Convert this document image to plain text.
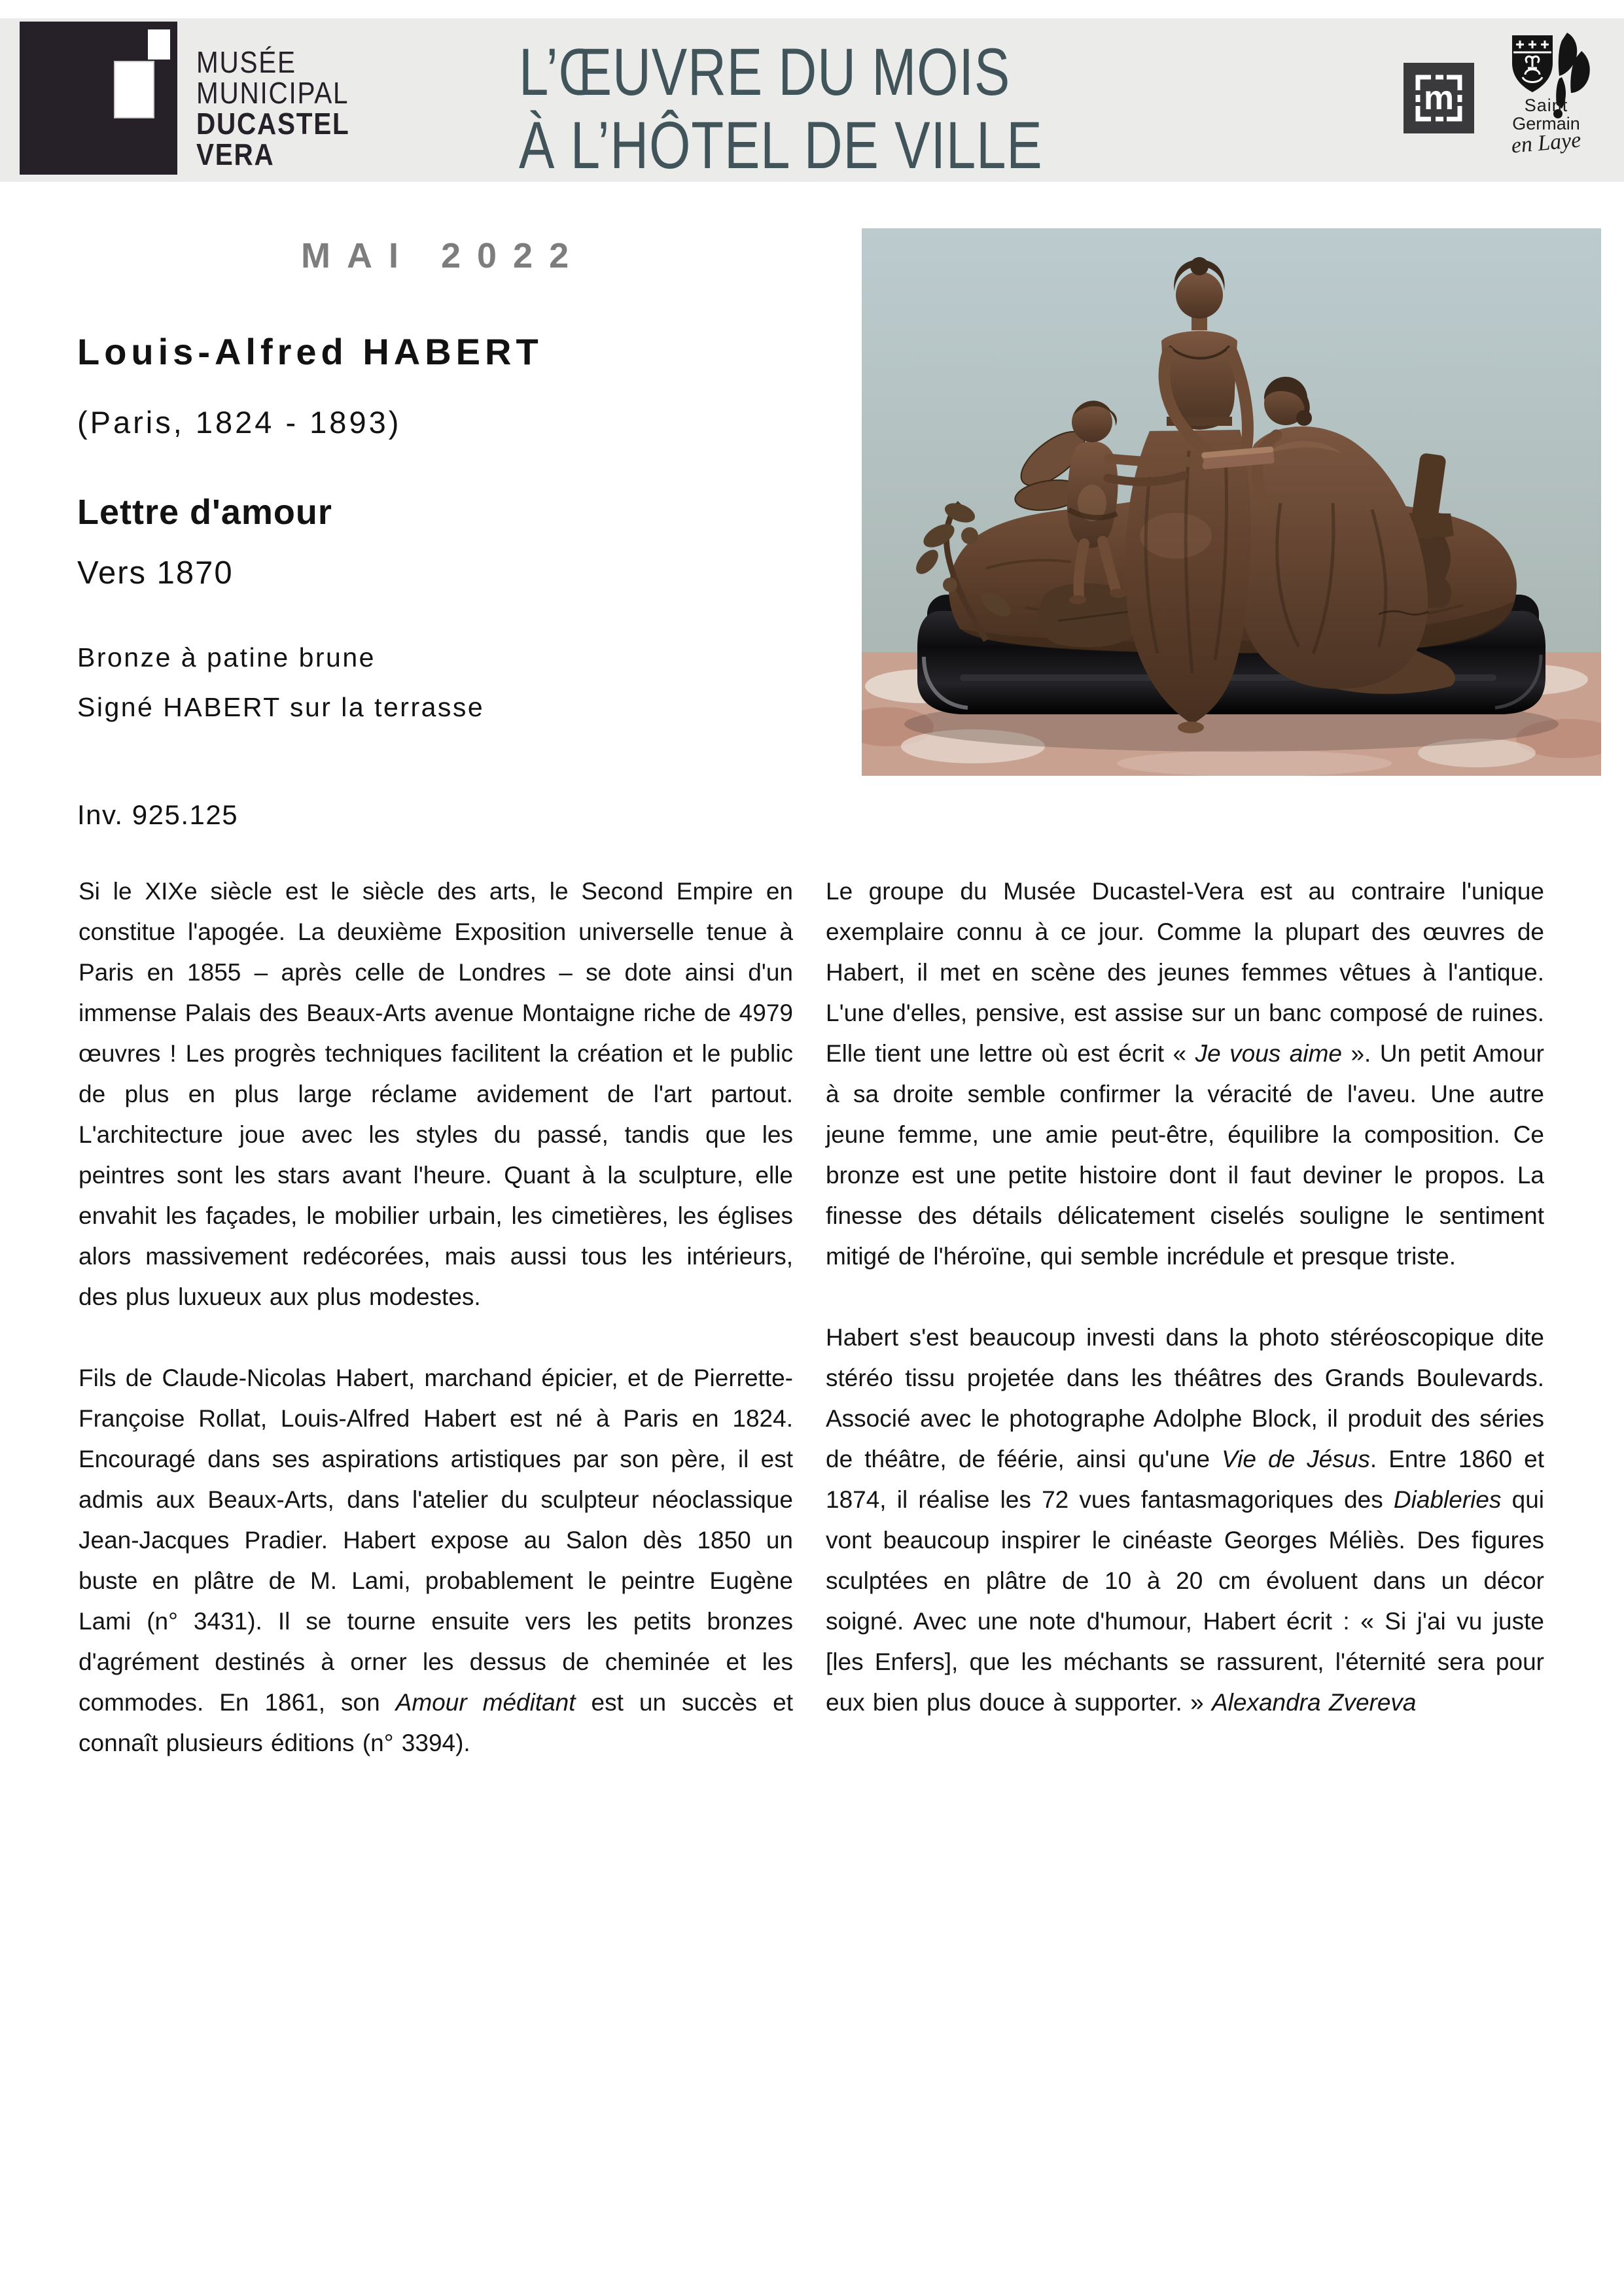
MUSÉE
MUNICIPAL
DUCASTEL
VERA
L’ŒUVRE DU MOIS
À L’HÔTEL DE VILLE
m	Saint
Germain
en Laye
MAI 2022
Louis-Alfred HABERT
(Paris, 1824 - 1893)
Lettre d'amour
Vers 1870
Bronze à patine brune
Signé HABERT sur la terrasse
Inv. 925.125

Si le XIXe siècle est le siècle des arts, le Second Empire en constitue l'apogée. La deuxième Exposition universelle tenue à Paris en 1855 – après celle de Londres – se dote ainsi d'un immense Palais des Beaux-Arts avenue Montaigne riche de 4979 œuvres ! Les progrès techniques facilitent la création et le public de plus en plus large réclame avidement de l'art partout. L'architecture joue avec les styles du passé, tandis que les peintres sont les stars avant l'heure. Quant à la sculpture, elle envahit les façades, le mobilier urbain, les cimetières, les églises alors massivement redécorées, mais aussi tous les intérieurs, des plus luxueux aux plus modestes.

Fils de Claude-Nicolas Habert, marchand épicier, et de Pierrette-Françoise Rollat, Louis-Alfred Habert est né à Paris en 1824. Encouragé dans ses aspirations artistiques par son père, il est admis aux Beaux-Arts, dans l'atelier du sculpteur néoclassique Jean-Jacques Pradier. Habert expose au Salon dès 1850 un buste en plâtre de M. Lami, probablement le peintre Eugène Lami (n° 3431). Il se tourne ensuite vers les petits bronzes d'agrément destinés à orner les dessus de cheminée et les commodes. En 1861, son Amour méditant est un succès et connaît plusieurs éditions (n° 3394).

Le groupe du Musée Ducastel-Vera est au contraire l'unique exemplaire connu à ce jour. Comme la plupart des œuvres de Habert, il met en scène des jeunes femmes vêtues à l'antique. L'une d'elles, pensive, est assise sur un banc composé de ruines. Elle tient une lettre où est écrit « Je vous aime ». Un petit Amour à sa droite semble confirmer la véracité de l'aveu. Une autre jeune femme, une amie peut-être, équilibre la composition. Ce bronze est une petite histoire dont il faut deviner le propos. La finesse des détails délicatement ciselés souligne le sentiment mitigé de l'héroïne, qui semble incrédule et presque triste.

Habert s'est beaucoup investi dans la photo stéréoscopique dite stéréo tissu projetée dans les théâtres des Grands Boulevards. Associé avec le photographe Adolphe Block, il produit des séries de théâtre, de féérie, ainsi qu'une Vie de Jésus. Entre 1860 et 1874, il réalise les 72 vues fantasmagoriques des Diableries qui vont beaucoup inspirer le cinéaste Georges Méliès. Des figures sculptées en plâtre de 10 à 20 cm évoluent dans un décor soigné. Avec une note d'humour, Habert écrit : « Si j'ai vu juste [les Enfers], que les méchants se rassurent, l'éternité sera pour eux bien plus douce à supporter. » Alexandra Zvereva
